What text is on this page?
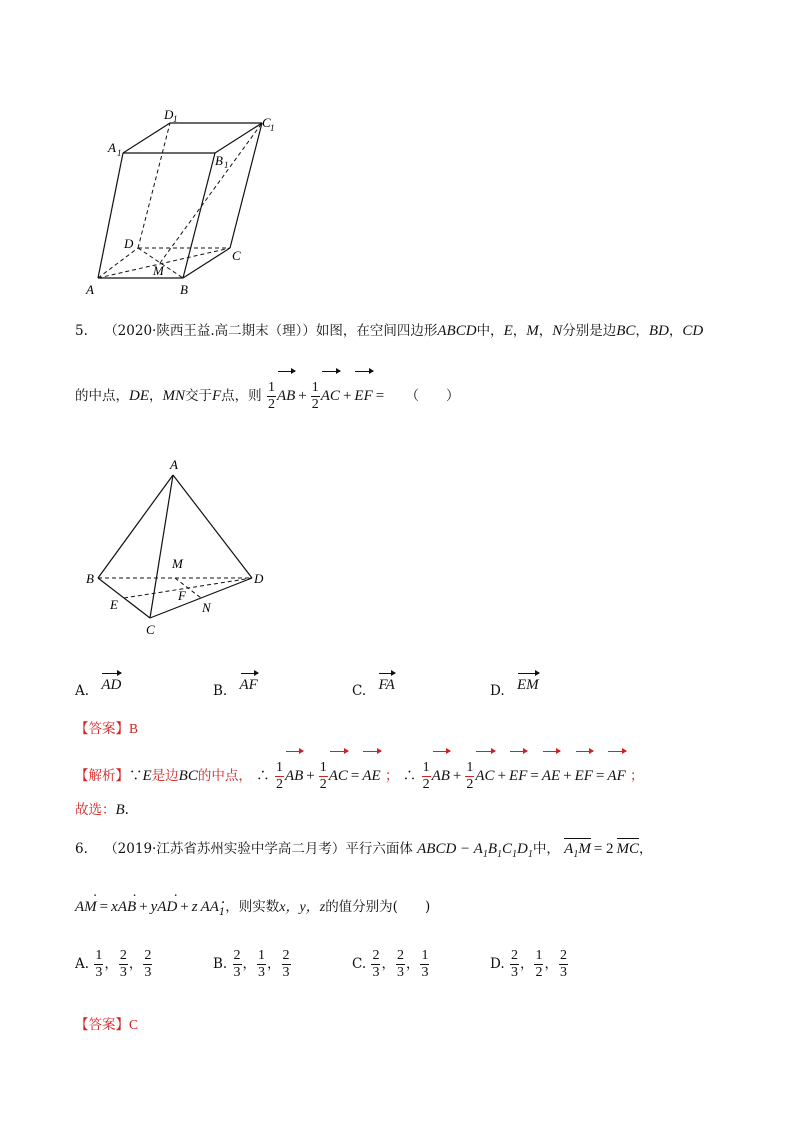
A	B
C
D
A 1	B 1
C 1
D 1
M
5. （2020·陕西王益.高二期末（理））如图，在空间四边形ABCD中，E，M，N分别是边BC，BD，CD
的中点，DE，MN交于F点，则 $\frac{1}{2}$ AB + $\frac{1}{2}$ AC + EF = （　　）
A
B
C
D
E
F
M
N
A. AD	B. AF	C. FA	D. EM
【答案】B
【解析】∵E是边BC的中点， ∴ $\frac{1}{2}$ AB + $\frac{1}{2}$ AC = AE ； ∴ $\frac{1}{2}$ AB + $\frac{1}{2}$ AC + EF = AE + EF = AF ；
故选：B.
6. （2019·江苏省苏州实验中学高二月考）平行六面体 ABCD − $A_1B_1C_1D_1$中， $A_1M = 2$ MC，
AM · = xAB · + yAD · + z $AA_1$ ·，则实数x，y，z的值分别为(　　)
A. $\frac{1}{3}$ ， $\frac{2}{3}$ ， $\frac{2}{3}$	B. $\frac{2}{3}$ ， $\frac{1}{3}$ ， $\frac{2}{3}$	C. $\frac{2}{3}$ ， $\frac{2}{3}$ ， $\frac{1}{3}$	D. $\frac{2}{3}$ ， $\frac{1}{2}$ ， $\frac{2}{3}$
【答案】C
